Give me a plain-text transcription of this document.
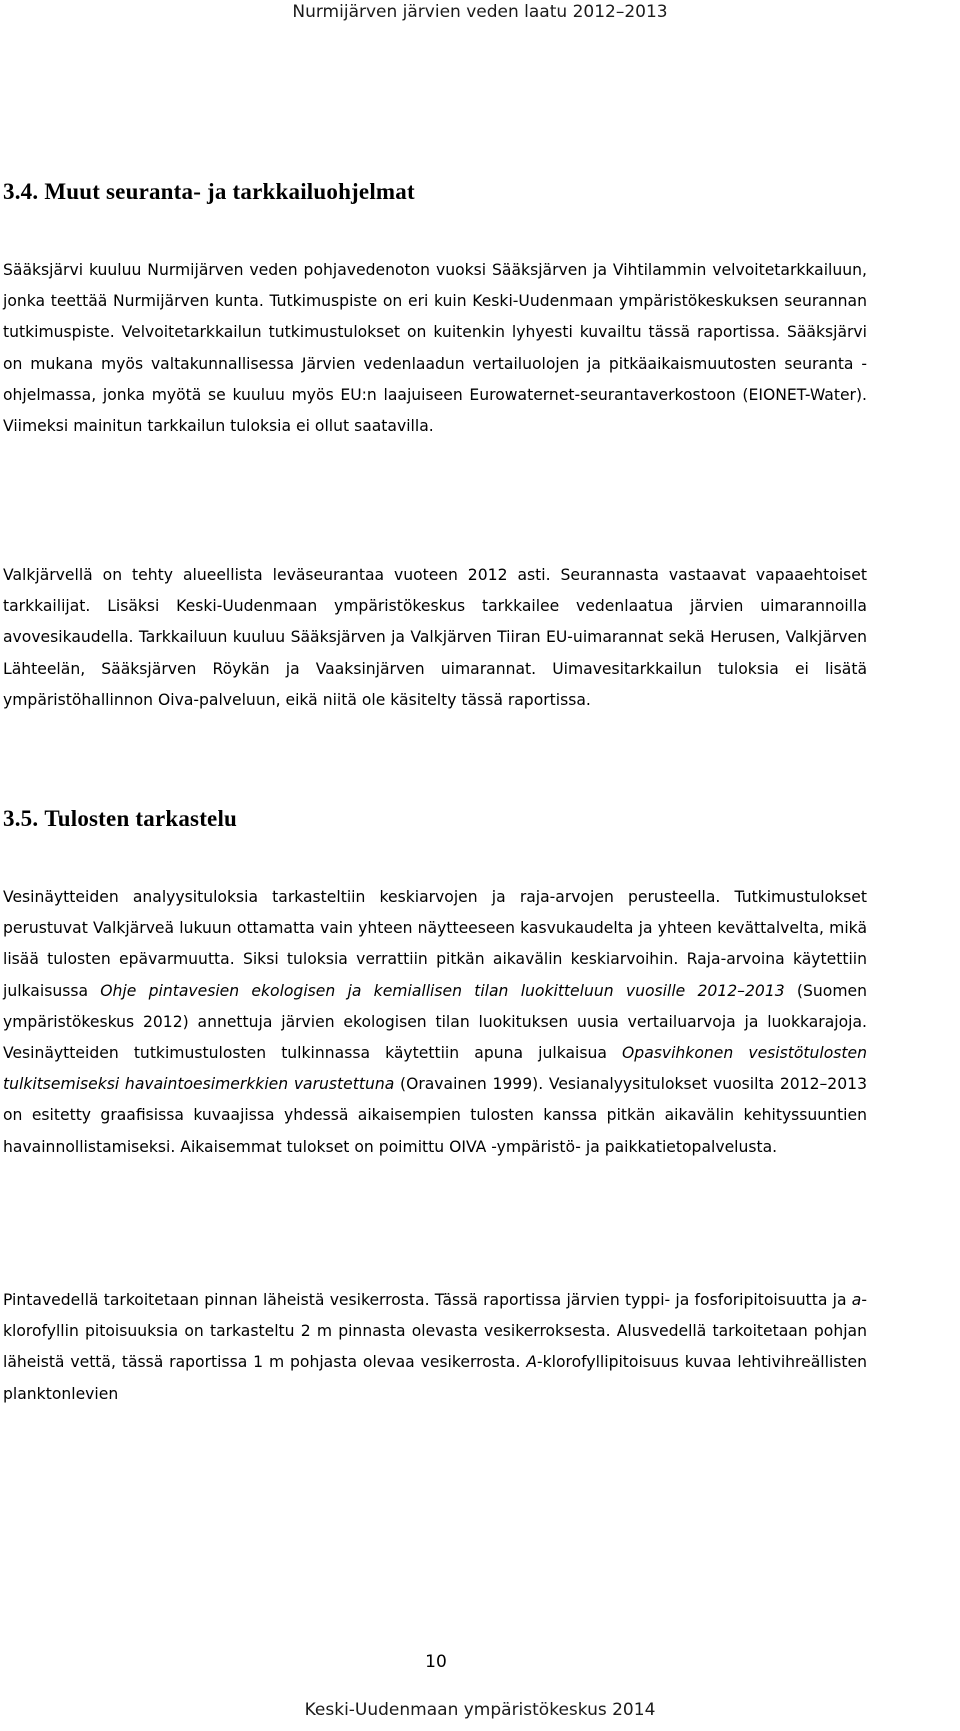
Nurmijärven järvien veden laatu 2012–2013
3.4. Muut seuranta- ja tarkkailuohjelmat

Sääksjärvi kuuluu Nurmijärven veden pohjavedenoton vuoksi Sääksjärven ja Vihtilammin velvoitetarkkailuun, jonka teettää Nurmijärven kunta. Tutkimuspiste on eri kuin Keski-Uudenmaan ympäristökeskuksen seurannan tutkimuspiste. Velvoitetarkkailun tutkimustulokset on kuitenkin lyhyesti kuvailtu tässä raportissa. Sääksjärvi on mukana myös valtakunnallisessa Järvien vedenlaadun vertailuolojen ja pitkäaikaismuutosten seuranta -ohjelmassa, jonka myötä se kuuluu myös EU:n laajuiseen Eurowaternet-seurantaverkostoon (EIONET-Water). Viimeksi mainitun tarkkailun tuloksia ei ollut saatavilla.

Valkjärvellä on tehty alueellista leväseurantaa vuoteen 2012 asti. Seurannasta vastaavat vapaaehtoiset tarkkailijat. Lisäksi Keski-Uudenmaan ympäristökeskus tarkkailee vedenlaatua järvien uimarannoilla avovesikaudella. Tarkkailuun kuuluu Sääksjärven ja Valkjärven Tiiran EU-uimarannat sekä Herusen, Valkjärven Lähteelän, Sääksjärven Röykän ja Vaaksinjärven uimarannat. Uimavesitarkkailun tuloksia ei lisätä ympäristöhallinnon Oiva-palveluun, eikä niitä ole käsitelty tässä raportissa.

3.5. Tulosten tarkastelu

Vesinäytteiden analyysituloksia tarkasteltiin keskiarvojen ja raja-arvojen perusteella. Tutkimustulokset perustuvat Valkjärveä lukuun ottamatta vain yhteen näytteeseen kasvukaudelta ja yhteen kevättalvelta, mikä lisää tulosten epävarmuutta. Siksi tuloksia verrattiin pitkän aikavälin keskiarvoihin. Raja-arvoina käytettiin julkaisussa Ohje pintavesien ekologisen ja kemiallisen tilan luokitteluun vuosille 2012–2013 (Suomen ympäristökeskus 2012) annettuja järvien ekologisen tilan luokituksen uusia vertailuarvoja ja luokkarajoja. Vesinäytteiden tutkimustulosten tulkinnassa käytettiin apuna julkaisua Opasvihkonen vesistötulosten tulkitsemiseksi havaintoesimerkkien varustettuna (Oravainen 1999). Vesianalyysitulokset vuosilta 2012–2013 on esitetty graafisissa kuvaajissa yhdessä aikaisempien tulosten kanssa pitkän aikavälin kehityssuuntien havainnollistamiseksi. Aikaisemmat tulokset on poimittu OIVA -ympäristö- ja paikkatietopalvelusta.

Pintavedellä tarkoitetaan pinnan läheistä vesikerrosta. Tässä raportissa järvien typpi- ja fosforipitoisuutta ja a-klorofyllin pitoisuuksia on tarkasteltu 2 m pinnasta olevasta vesikerroksesta. Alusvedellä tarkoitetaan pohjan läheistä vettä, tässä raportissa 1 m pohjasta olevaa vesikerrosta. A-klorofyllipitoisuus kuvaa lehtivihreällisten planktonlevien

10
Keski-Uudenmaan ympäristökeskus 2014
